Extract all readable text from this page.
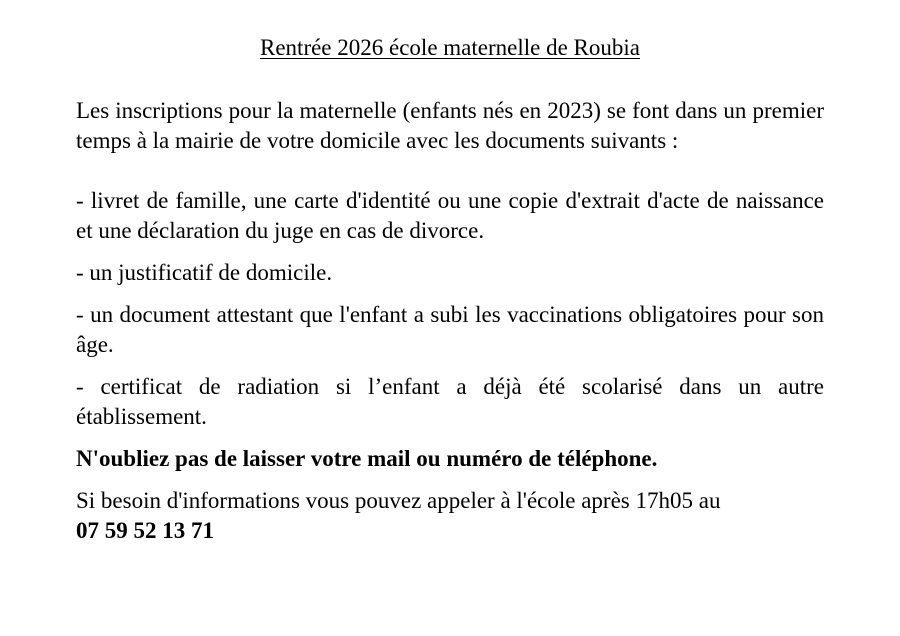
Rentrée 2026 école maternelle de Roubia

Les inscriptions pour la maternelle (enfants nés en 2023) se font dans un premier temps à la mairie de votre domicile avec les documents suivants :

- livret de famille, une carte d'identité ou une copie d'extrait d'acte de naissance et une déclaration du juge en cas de divorce.

- un justificatif de domicile.

- un document attestant que l'enfant a subi les vaccinations obligatoires pour son âge.

- certificat de radiation si l’enfant a déjà été scolarisé dans un autre établissement.

N'oubliez pas de laisser votre mail ou numéro de téléphone.

Si besoin d'informations vous pouvez appeler à l'école après 17h05 au
07 59 52 13 71
